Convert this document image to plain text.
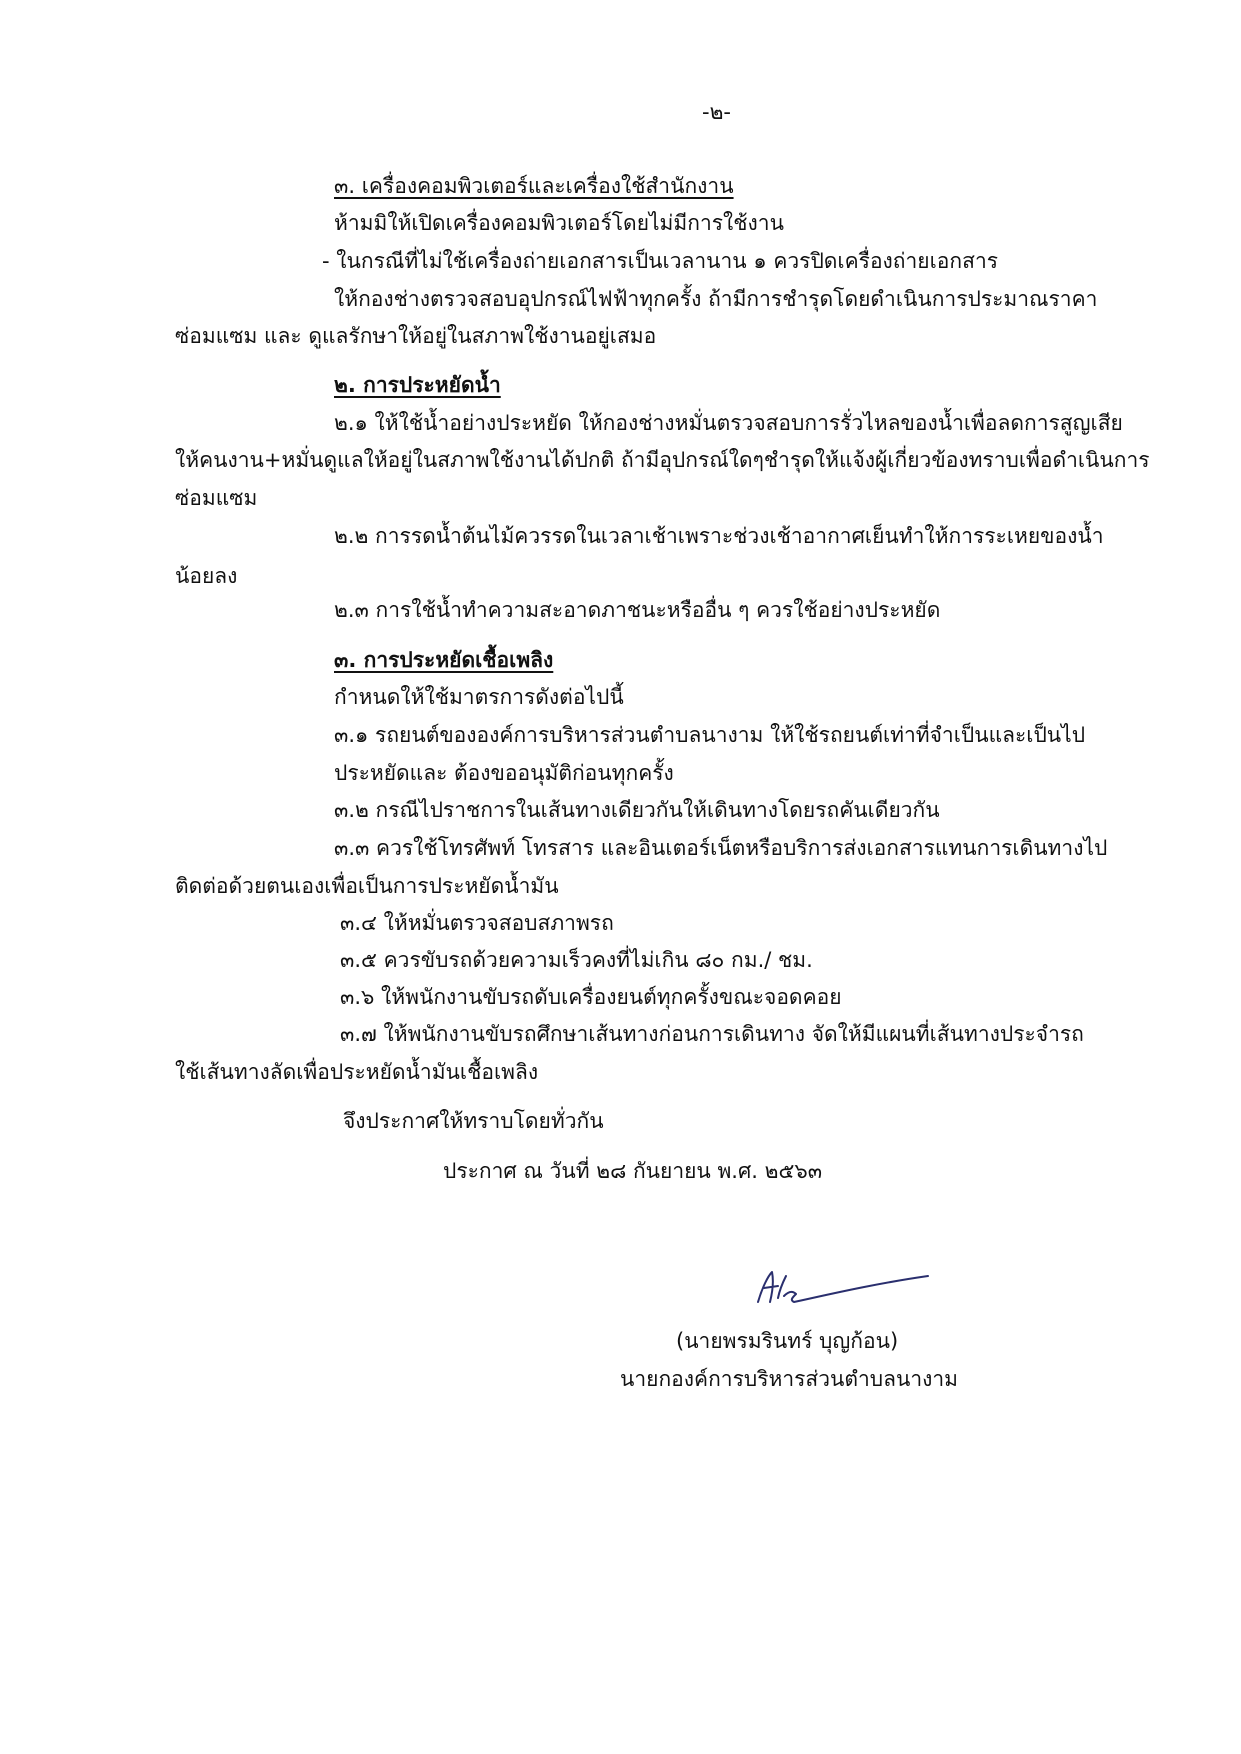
-๒-
๓. เครื่องคอมพิวเตอร์และเครื่องใช้สำนักงาน
ห้ามมิให้เปิดเครื่องคอมพิวเตอร์โดยไม่มีการใช้งาน
- ในกรณีที่ไม่ใช้เครื่องถ่ายเอกสารเป็นเวลานาน ๑ ควรปิดเครื่องถ่ายเอกสาร
ให้กองช่างตรวจสอบอุปกรณ์ไฟฟ้าทุกครั้ง ถ้ามีการชำรุดโดยดำเนินการประมาณราคา
ซ่อมแซม และ ดูแลรักษาให้อยู่ในสภาพใช้งานอยู่เสมอ
๒. การประหยัดน้ำ
๒.๑ ให้ใช้น้ำอย่างประหยัด ให้กองช่างหมั่นตรวจสอบการรั่วไหลของน้ำเพื่อลดการสูญเสีย
ให้คนงาน+หมั่นดูแลให้อยู่ในสภาพใช้งานได้ปกติ ถ้ามีอุปกรณ์ใดๆชำรุดให้แจ้งผู้เกี่ยวข้องทราบเพื่อดำเนินการ
ซ่อมแซม
๒.๒ การรดน้ำต้นไม้ควรรดในเวลาเช้าเพราะช่วงเช้าอากาศเย็นทำให้การระเหยของน้ำ
น้อยลง
๒.๓ การใช้น้ำทำความสะอาดภาชนะหรืออื่น ๆ ควรใช้อย่างประหยัด
๓. การประหยัดเชื้อเพลิง
กำหนดให้ใช้มาตรการดังต่อไปนี้
๓.๑ รถยนต์ขององค์การบริหารส่วนตำบลนางาม ให้ใช้รถยนต์เท่าที่จำเป็นและเป็นไป
ประหยัดและ ต้องขออนุมัติก่อนทุกครั้ง
๓.๒ กรณีไปราชการในเส้นทางเดียวกันให้เดินทางโดยรถคันเดียวกัน
๓.๓ ควรใช้โทรศัพท์ โทรสาร และอินเตอร์เน็ตหรือบริการส่งเอกสารแทนการเดินทางไป
ติดต่อด้วยตนเองเพื่อเป็นการประหยัดน้ำมัน
๓.๔ ให้หมั่นตรวจสอบสภาพรถ
๓.๕ ควรขับรถด้วยความเร็วคงที่ไม่เกิน ๘๐ กม./ ชม.
๓.๖ ให้พนักงานขับรถดับเครื่องยนต์ทุกครั้งขณะจอดคอย
๓.๗ ให้พนักงานขับรถศึกษาเส้นทางก่อนการเดินทาง จัดให้มีแผนที่เส้นทางประจำรถ
ใช้เส้นทางลัดเพื่อประหยัดน้ำมันเชื้อเพลิง
จึงประกาศให้ทราบโดยทั่วกัน
ประกาศ ณ วันที่ ๒๘ กันยายน พ.ศ. ๒๕๖๓
(นายพรมรินทร์ บุญก้อน)
นายกองค์การบริหารส่วนตำบลนางาม
